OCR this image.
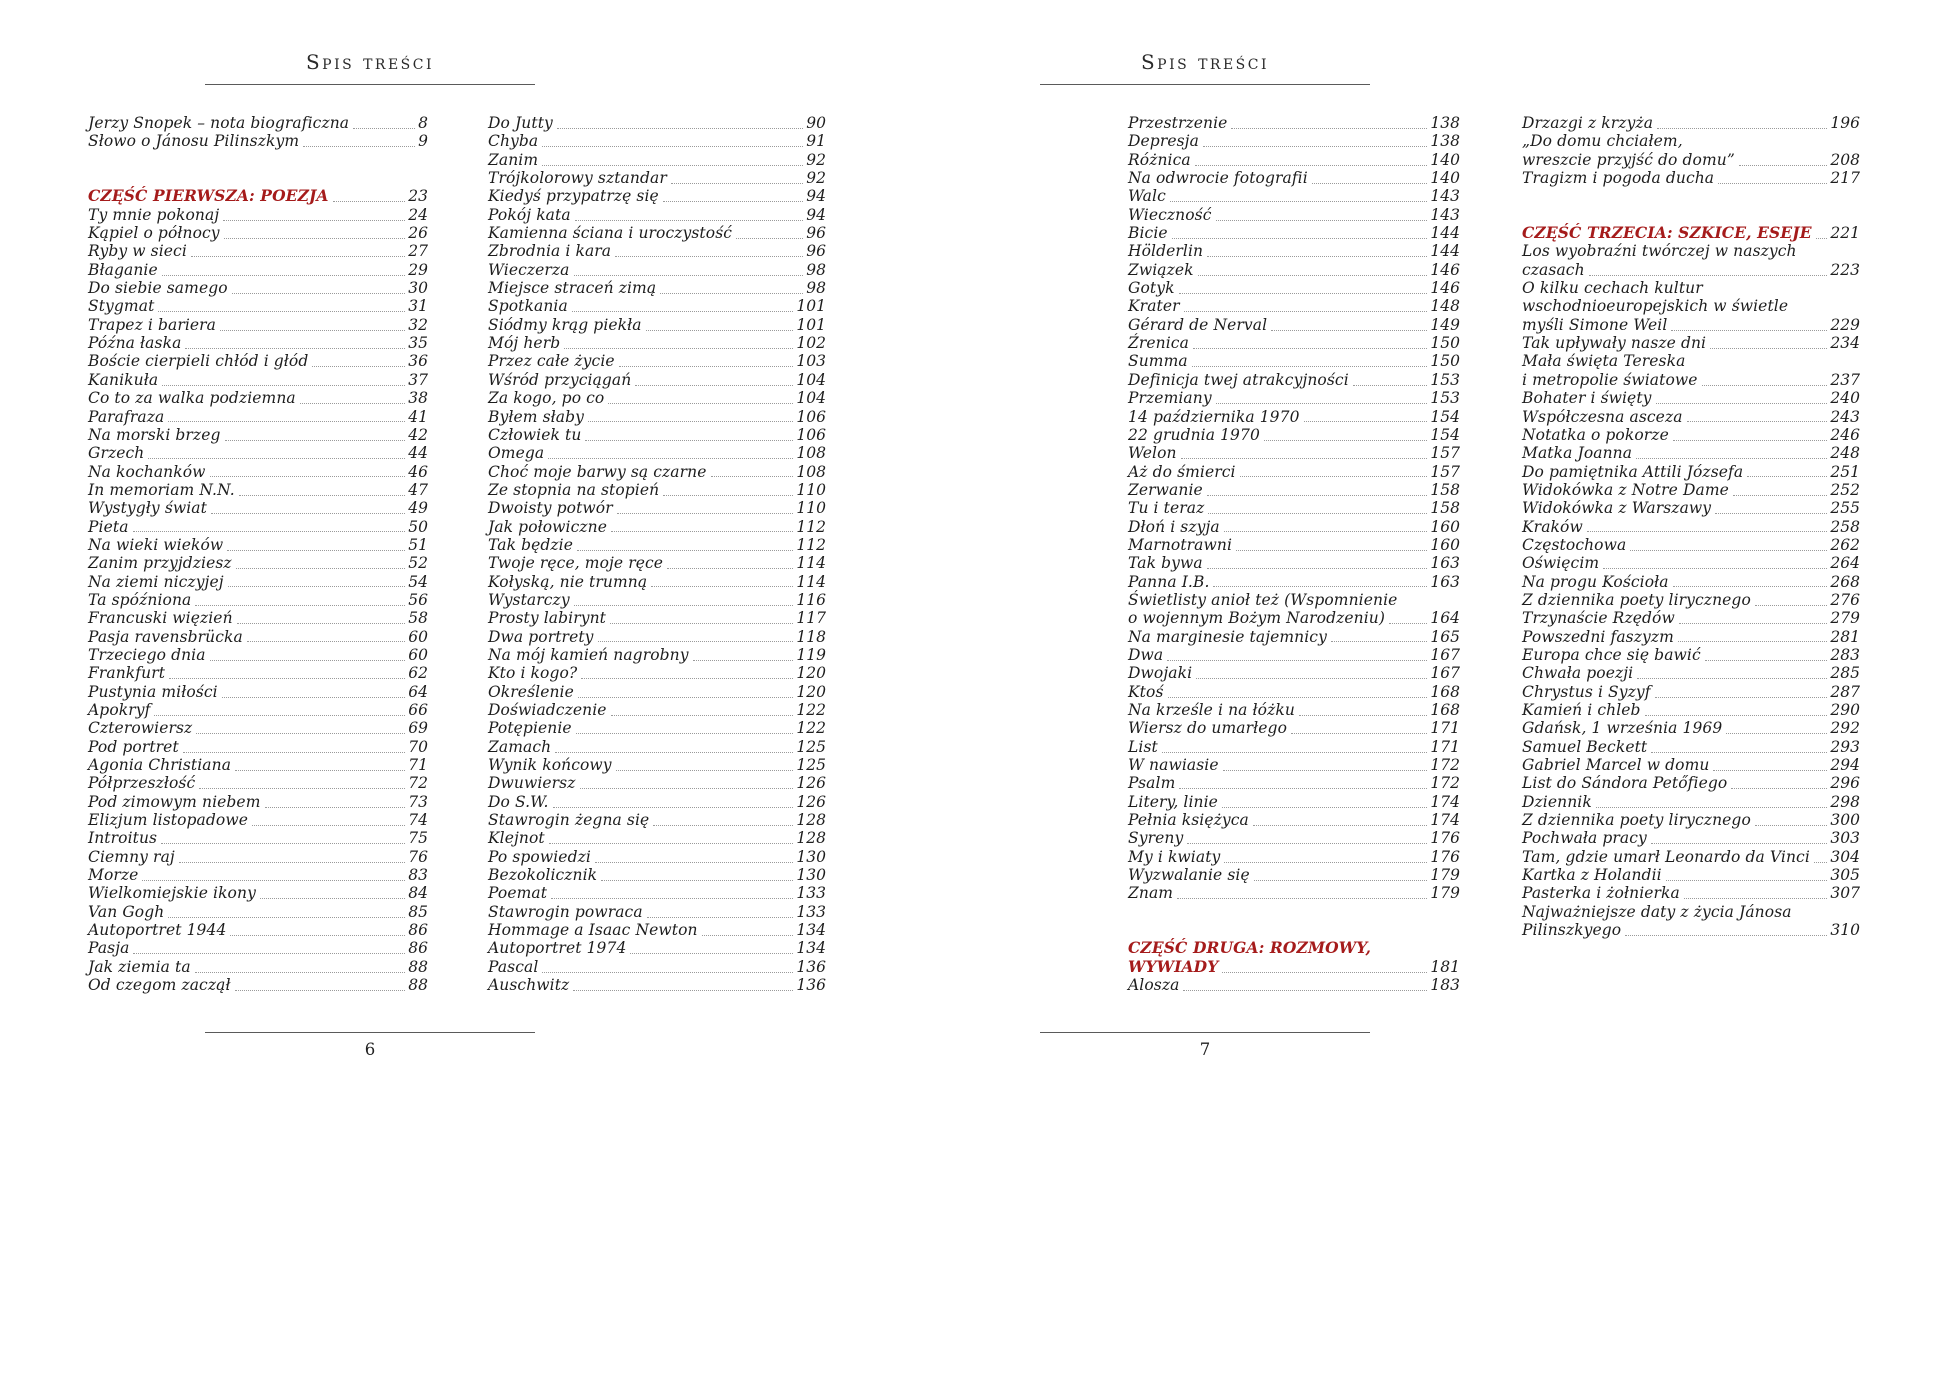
Spis treści
6
Spis treści
7
Jerzy Snopek – nota biograficzna	8
Słowo o Jánosu Pilinszkym	9
CZĘŚĆ PIERWSZA: POEZJA	23
Ty mnie pokonaj	24
Kąpiel o północy	26
Ryby w sieci	27
Błaganie	29
Do siebie samego	30
Stygmat	31
Trapez i bariera	32
Późna łaska	35
Boście cierpieli chłód i głód	36
Kanikuła	37
Co to za walka podziemna	38
Parafraza	41
Na morski brzeg	42
Grzech	44
Na kochanków	46
In memoriam N.N.	47
Wystygły świat	49
Pieta	50
Na wieki wieków	51
Zanim przyjdziesz	52
Na ziemi niczyjej	54
Ta spóźniona	56
Francuski więzień	58
Pasja ravensbrücka	60
Trzeciego dnia	60
Frankfurt	62
Pustynia miłości	64
Apokryf	66
Czterowiersz	69
Pod portret	70
Agonia Christiana	71
Półprzeszłość	72
Pod zimowym niebem	73
Elizjum listopadowe	74
Introitus	75
Ciemny raj	76
Morze	83
Wielkomiejskie ikony	84
Van Gogh	85
Autoportret 1944	86
Pasja	86
Jak ziemia ta	88
Od czegom zaczął	88
Do Jutty	90
Chyba	91
Zanim	92
Trójkolorowy sztandar	92
Kiedyś przypatrzę się	94
Pokój kata	94
Kamienna ściana i uroczystość	96
Zbrodnia i kara	96
Wieczerza	98
Miejsce straceń zimą	98
Spotkania	101
Siódmy krąg piekła	101
Mój herb	102
Przez całe życie	103
Wśród przyciągań	104
Za kogo, po co	104
Byłem słaby	106
Człowiek tu	106
Omega	108
Choć moje barwy są czarne	108
Ze stopnia na stopień	110
Dwoisty potwór	110
Jak połowiczne	112
Tak będzie	112
Twoje ręce, moje ręce	114
Kołyską, nie trumną	114
Wystarczy	116
Prosty labirynt	117
Dwa portrety	118
Na mój kamień nagrobny	119
Kto i kogo?	120
Określenie	120
Doświadczenie	122
Potępienie	122
Zamach	125
Wynik końcowy	125
Dwuwiersz	126
Do S.W.	126
Stawrogin żegna się	128
Klejnot	128
Po spowiedzi	130
Bezokolicznik	130
Poemat	133
Stawrogin powraca	133
Hommage a Isaac Newton	134
Autoportret 1974	134
Pascal	136
Auschwitz	136
Przestrzenie	138
Depresja	138
Różnica	140
Na odwrocie fotografii	140
Walc	143
Wieczność	143
Bicie	144
Hölderlin	144
Związek	146
Gotyk	146
Krater	148
Gérard de Nerval	149
Źrenica	150
Summa	150
Definicja twej atrakcyjności	153
Przemiany	153
14 października 1970	154
22 grudnia 1970	154
Welon	157
Aż do śmierci	157
Zerwanie	158
Tu i teraz	158
Dłoń i szyja	160
Marnotrawni	160
Tak bywa	163
Panna I.B.	163
Świetlisty anioł też (Wspomnienie
o wojennym Bożym Narodzeniu)	164
Na marginesie tajemnicy	165
Dwa	167
Dwojaki	167
Ktoś	168
Na krześle i na łóżku	168
Wiersz do umarłego	171
List	171
W nawiasie	172
Psalm	172
Litery, linie	174
Pełnia księżyca	174
Syreny	176
My i kwiaty	176
Wyzwalanie się	179
Znam	179
CZĘŚĆ DRUGA: ROZMOWY,
WYWIADY	181
Alosza	183
Drzazgi z krzyża	196
„Do domu chciałem,
wreszcie przyjść do domu”	208
Tragizm i pogoda ducha	217
CZĘŚĆ TRZECIA: SZKICE, ESEJE 221
Los wyobraźni twórczej w naszych
czasach	223
O kilku cechach kultur
wschodnioeuropejskich w świetle
myśli Simone Weil	229
Tak upływały nasze dni	234
Mała święta Tereska
i metropolie światowe	237
Bohater i święty	240
Współczesna asceza	243
Notatka o pokorze	246
Matka Joanna	248
Do pamiętnika Attili Józsefa	251
Widokówka z Notre Dame	252
Widokówka z Warszawy	255
Kraków	258
Częstochowa	262
Oświęcim	264
Na progu Kościoła	268
Z dziennika poety lirycznego	276
Trzynaście Rzędów	279
Powszedni faszyzm	281
Europa chce się bawić	283
Chwała poezji	285
Chrystus i Syzyf	287
Kamień i chleb	290
Gdańsk, 1 września 1969	292
Samuel Beckett	293
Gabriel Marcel w domu	294
List do Sándora Petőfiego	296
Dziennik	298
Z dziennika poety lirycznego	300
Pochwała pracy	303
Tam, gdzie umarł Leonardo da Vinci 304
Kartka z Holandii	305
Pasterka i żołnierka	307
Najważniejsze daty z życia Jánosa
Pilinszkyego	310
